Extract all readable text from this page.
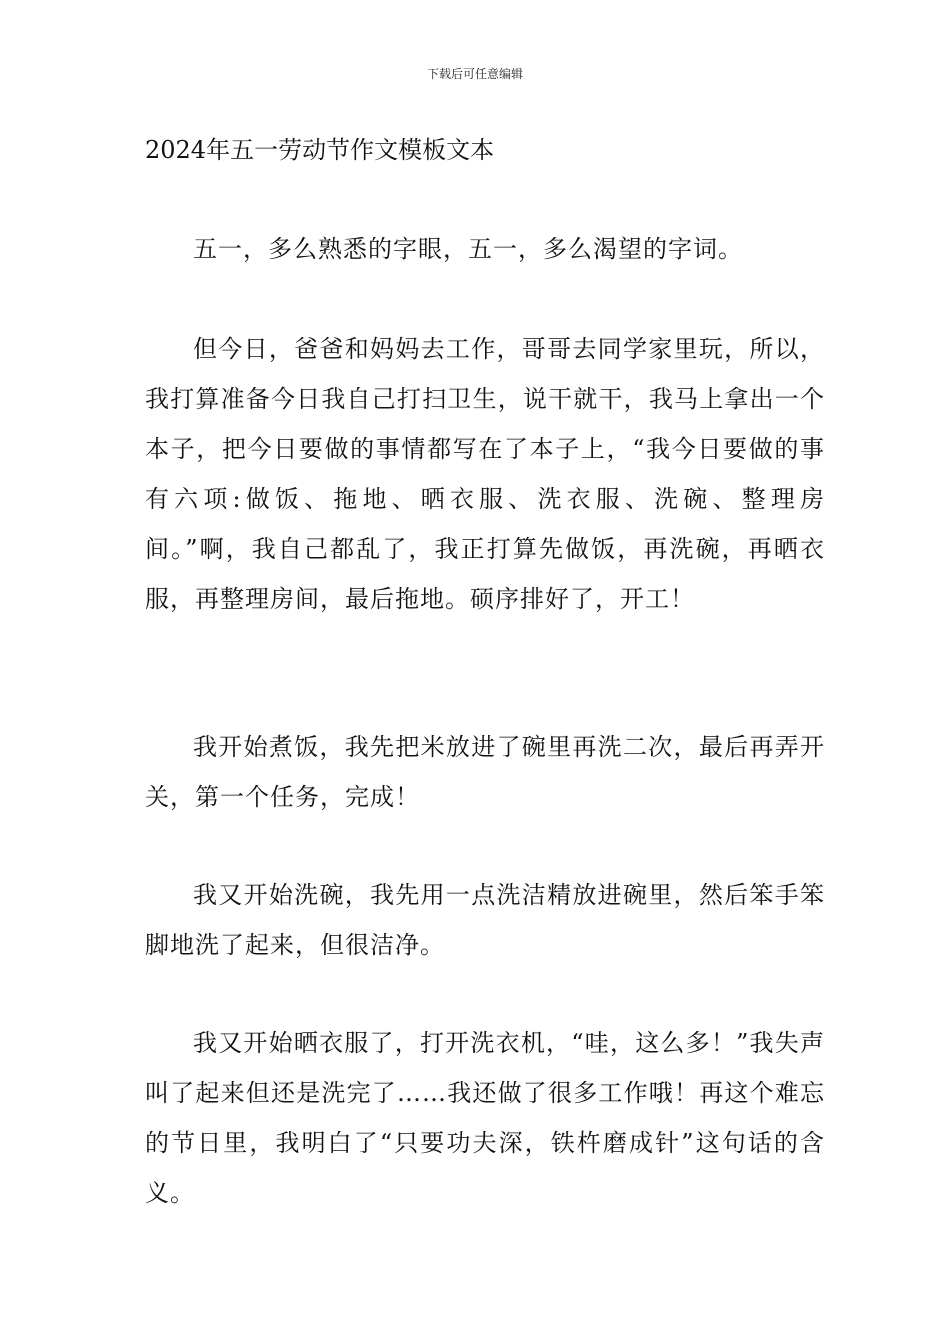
下载后可任意编辑
2024年五一劳动节作文模板文本

五一，多么熟悉的字眼，五一，多么渴望的字词。

但今日，爸爸和妈妈去工作，哥哥去同学家里玩，所以，我打算准备今日我自己打扫卫生，说干就干，我马上拿出一个本子，把今日要做的事情都写在了本子上，“我今日要做的事有六项:做饭、拖地、晒衣服、洗衣服、洗碗、整理房间。”啊，我自己都乱了，我正打算先做饭，再洗碗，再晒衣服，再整理房间，最后拖地。硕序排好了，开工！

我开始煮饭，我先把米放进了碗里再洗二次，最后再弄开关，第一个任务，完成！

我又开始洗碗，我先用一点洗洁精放进碗里，然后笨手笨脚地洗了起来，但很洁净。

我又开始晒衣服了，打开洗衣机，“哇，这么多！”我失声叫了起来但还是洗完了……我还做了很多工作哦！再这个难忘的节日里，我明白了“只要功夫深，铁杵磨成针”这句话的含义。
